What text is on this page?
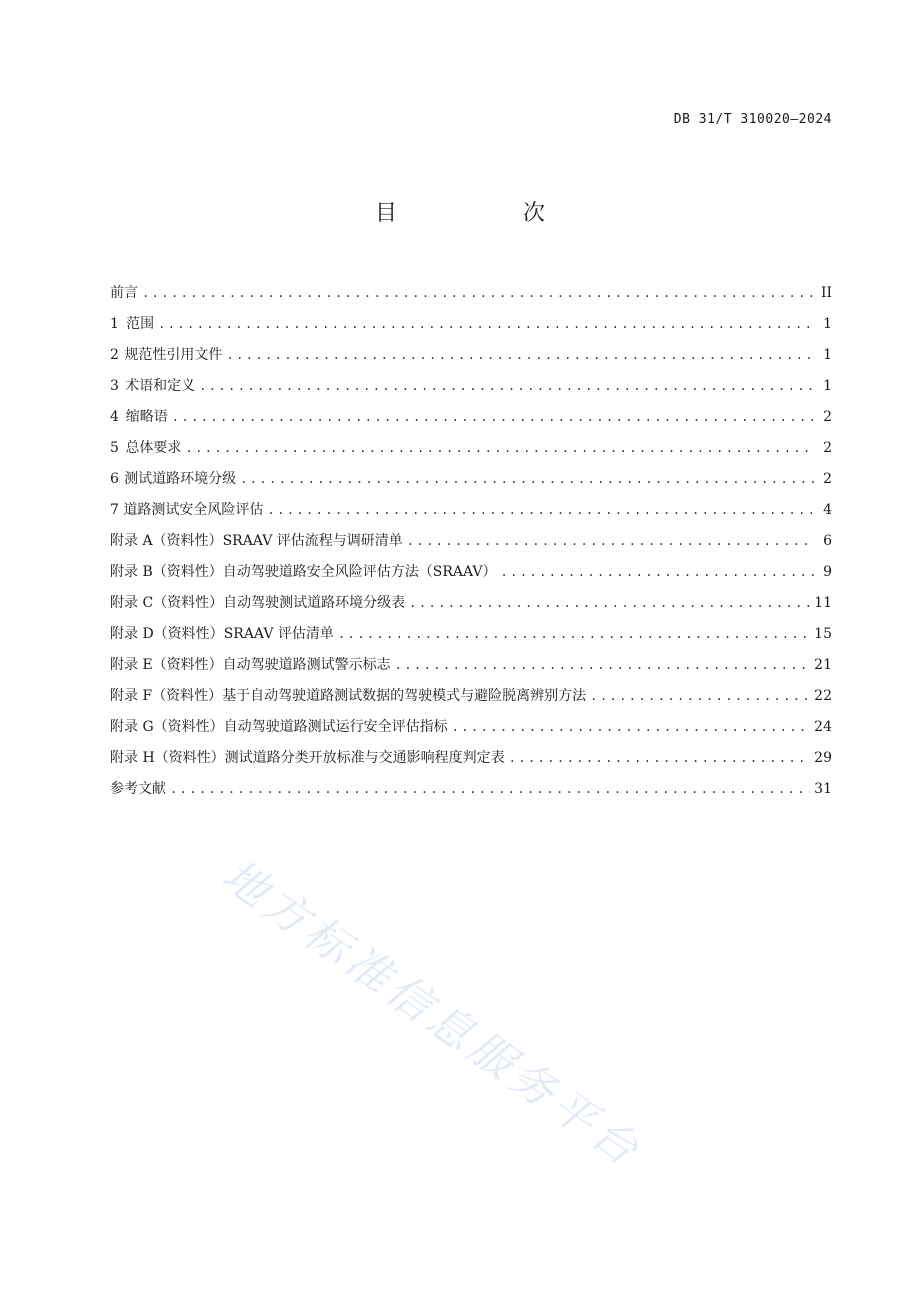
DB 31/T 310020—2024
目　次
前言 . . .	II
1 范围 . . .	1
2 规范性引用文件 . . .	1
3 术语和定义 . . .	1
4 缩略语 . . .	2
5 总体要求 . . .	2
6 测试道路环境分级 . . .	2
7 道路测试安全风险评估 . . .	4
附录 A（资料性） SRAAV 评估流程与调研清单 . . .	6
附录 B（资料性） 自动驾驶道路安全风险评估方法（SRAAV） . . .	9
附录 C（资料性） 自动驾驶测试道路环境分级表 . . .	11
附录 D（资料性） SRAAV 评估清单 . . .	15
附录 E（资料性） 自动驾驶道路测试警示标志 . . .	21
附录 F（资料性） 基于自动驾驶道路测试数据的驾驶模式与避险脱离辨别方法 . . .	22
附录 G（资料性） 自动驾驶道路测试运行安全评估指标 . . .	24
附录 H（资料性） 测试道路分类开放标准与交通影响程度判定表 . . .	29
参考文献 . . .	31
地方标准信息服务平台
